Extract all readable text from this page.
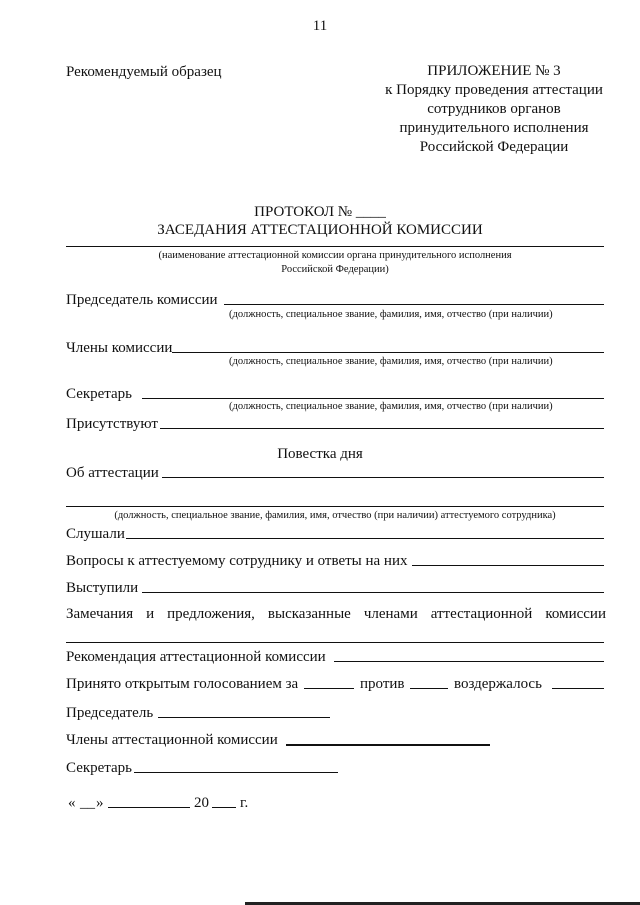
11
Рекомендуемый образец	ПРИЛОЖЕНИЕ № 3
к Порядку проведения аттестации
сотрудников органов
принудительного исполнения
Российской Федерации
ПРОТОКОЛ № ____
ЗАСЕДАНИЯ АТТЕСТАЦИОННОЙ КОМИССИИ
(наименование аттестационной комиссии органа принудительного исполнения
Российской Федерации)
Председатель комиссии
(должность, специальное звание, фамилия, имя, отчество (при наличии)
Члены комиссии
(должность, специальное звание, фамилия, имя, отчество (при наличии)
Секретарь
(должность, специальное звание, фамилия, имя, отчество (при наличии)
Присутствуют
Повестка дня
Об аттестации
(должность, специальное звание, фамилия, имя, отчество (при наличии) аттестуемого сотрудника)
Слушали
Вопросы к аттестуемому сотруднику и ответы на них
Выступили
Замечания и предложения, высказанные членами аттестационной комиссии
Рекомендация аттестационной комиссии
Принято открытым голосованием за	против	воздержалось
Председатель
Члены аттестационной комиссии
Секретарь
« __ »	20 г.
